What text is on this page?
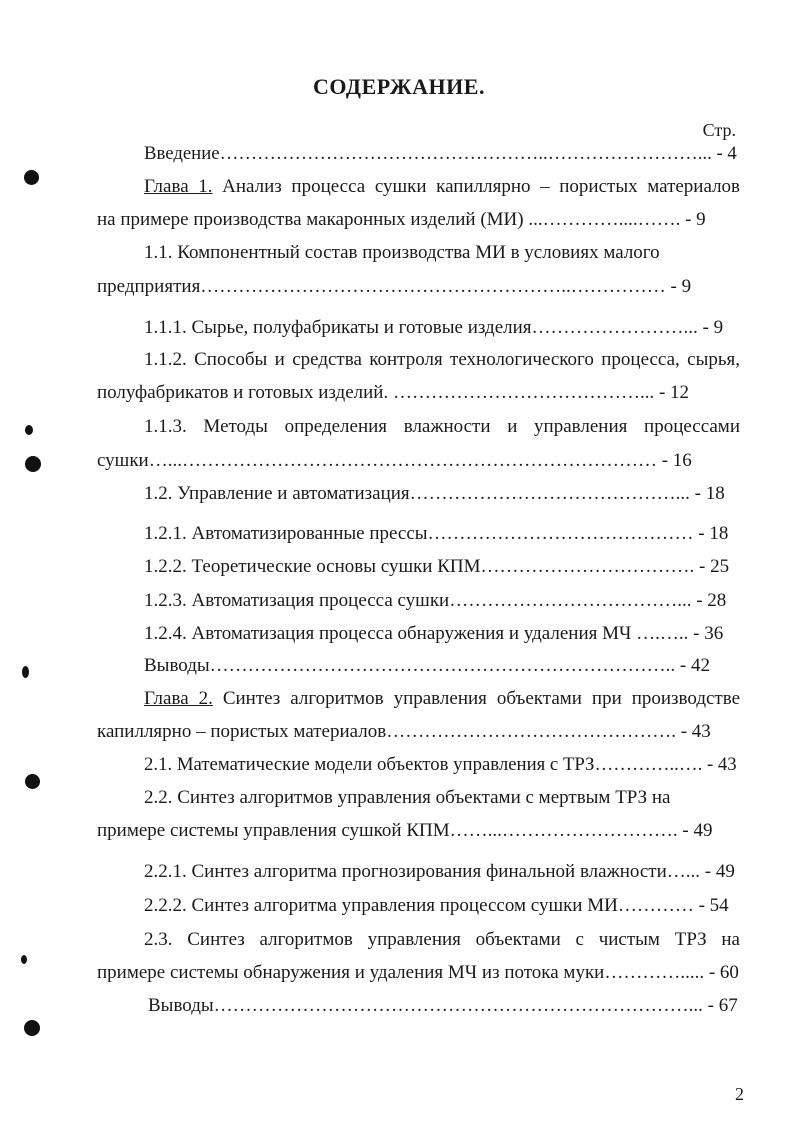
СОДЕРЖАНИЕ.
Стр.
Введение……………………………………………..……………………... - 4
Глава 1. Анализ процесса сушки капиллярно – пористых материалов
на примере производства макаронных изделий (МИ) ...…………....……. - 9
1.1. Компонентный состав производства МИ в условиях малого
предприятия…………………………………………………..…………… - 9
1.1.1. Сырье, полуфабрикаты и готовые изделия……………………... - 9
1.1.2. Способы и средства контроля технологического процесса, сырья,
полуфабрикатов и готовых изделий. …………………………………... - 12
1.1.3. Методы определения влажности и управления процессами
сушки…...………………………………………………………………… - 16
1.2. Управление и автоматизация……………………………………... - 18
1.2.1. Автоматизированные прессы…………………………………… - 18
1.2.2. Теоретические основы сушки КПМ……………………………. - 25
1.2.3. Автоматизация процесса сушки………………………………... - 28
1.2.4. Автоматизация процесса обнаружения и удаления МЧ ….….. - 36
Выводы……………………………………………………………….. - 42
Глава 2. Синтез алгоритмов управления объектами при производстве
капиллярно – пористых материалов………………………………………. - 43
2.1. Математические модели объектов управления с ТРЗ…………..…. - 43
2.2. Синтез алгоритмов управления объектами с мертвым ТРЗ на
примере системы управления сушкой КПМ……...………………………. - 49
2.2.1. Синтез алгоритма прогнозирования финальной влажности…... - 49
2.2.2. Синтез алгоритма управления процессом сушки МИ………… - 54
2.3. Синтез алгоритмов управления объектами с чистым ТРЗ на
примере системы обнаружения и удаления МЧ из потока муки…………..... - 60
Выводы…………………………………………………………………... - 67
2
